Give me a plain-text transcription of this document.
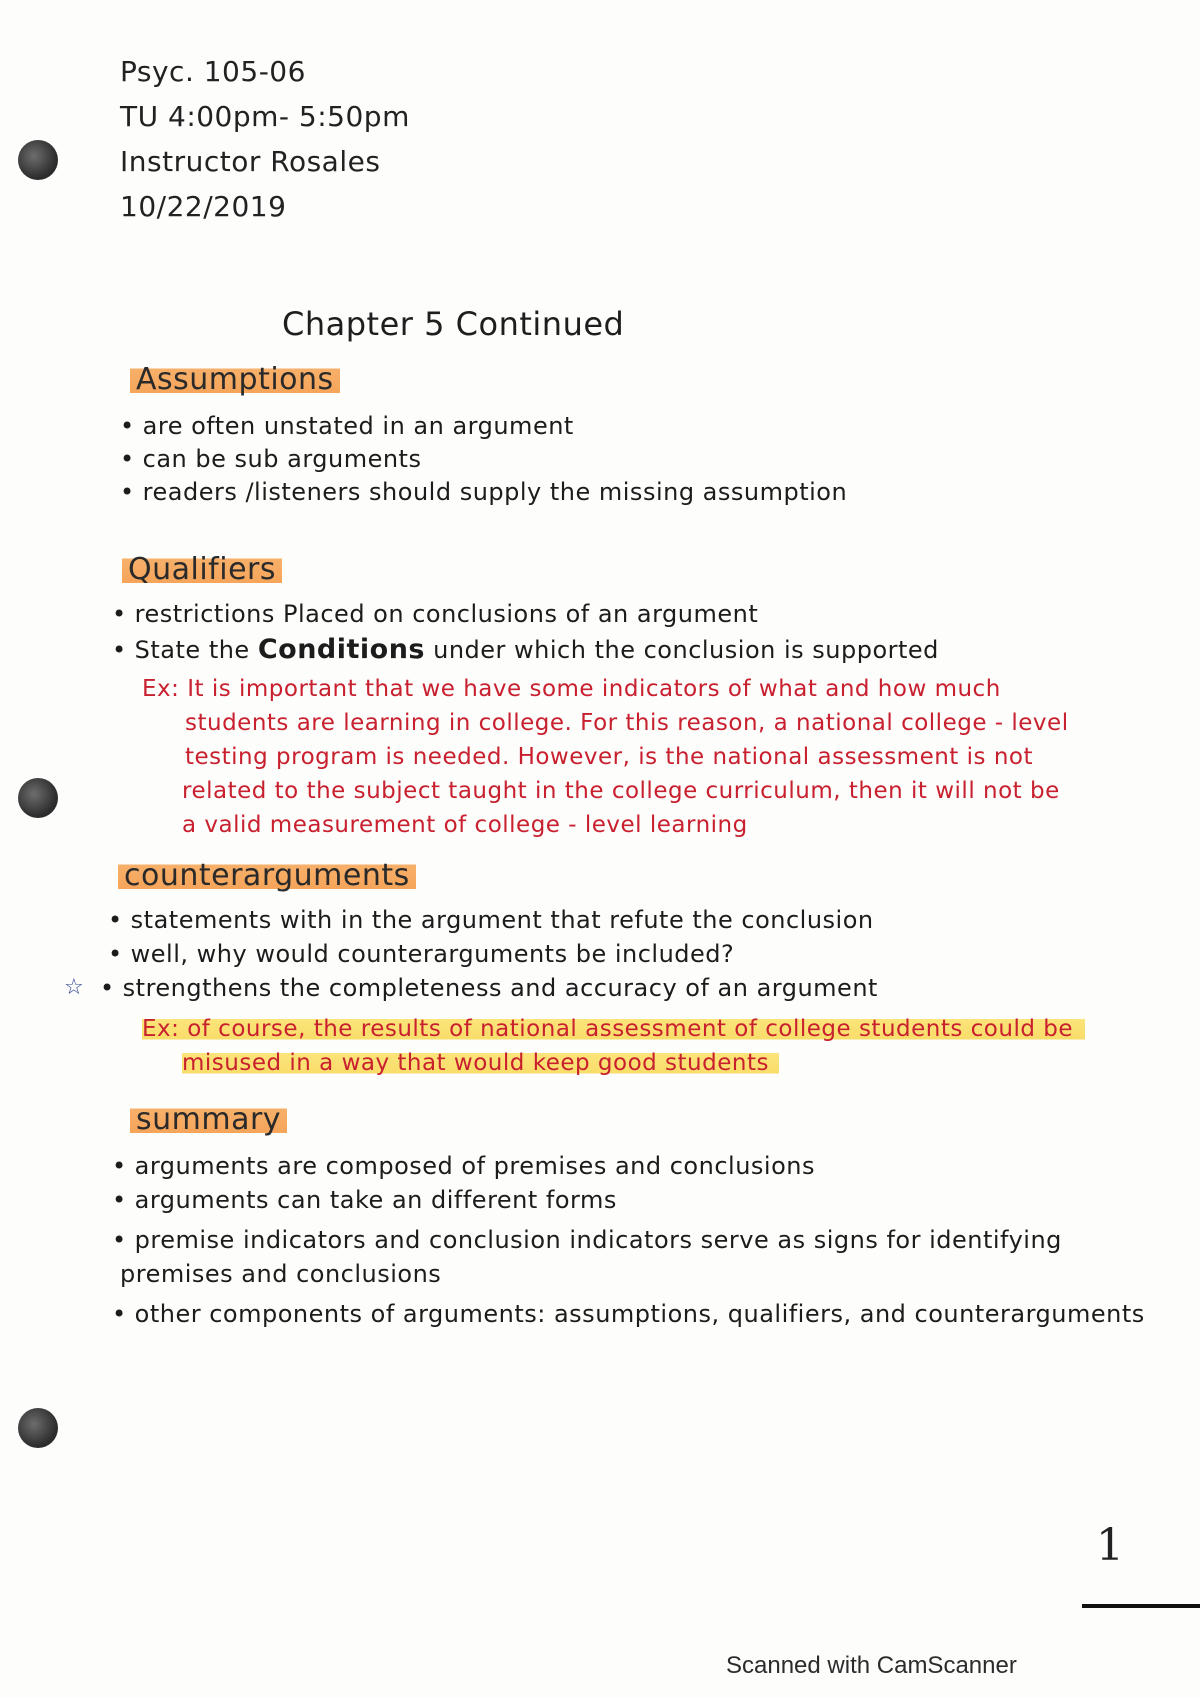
Psyc. 105-06
TU 4:00pm- 5:50pm
Instructor Rosales
10/22/2019
Chapter 5 Continued
Assumptions
• are often unstated in an argument
• can be sub arguments
• readers /listeners should supply the missing assumption
Qualifiers
• restrictions Placed on conclusions of an argument
• State the Conditions under which the conclusion is supported
Ex: It is important that we have some indicators of what and how much
students are learning in college. For this reason, a national college - level
testing program is needed. However, is the national assessment is not
related to the subject taught in the college curriculum, then it will not be
a valid measurement of college - level learning
counterarguments
• statements with in the argument that refute the conclusion
• well, why would counterarguments be included?
☆ • strengthens the completeness and accuracy of an argument
Ex: of course, the results of national assessment of college students could be
misused in a way that would keep good students
summary
• arguments are composed of premises and conclusions
• arguments can take an different forms
• premise indicators and conclusion indicators serve as signs for identifying
premises and conclusions
• other components of arguments: assumptions, qualifiers, and counterarguments
1
Scanned with CamScanner
